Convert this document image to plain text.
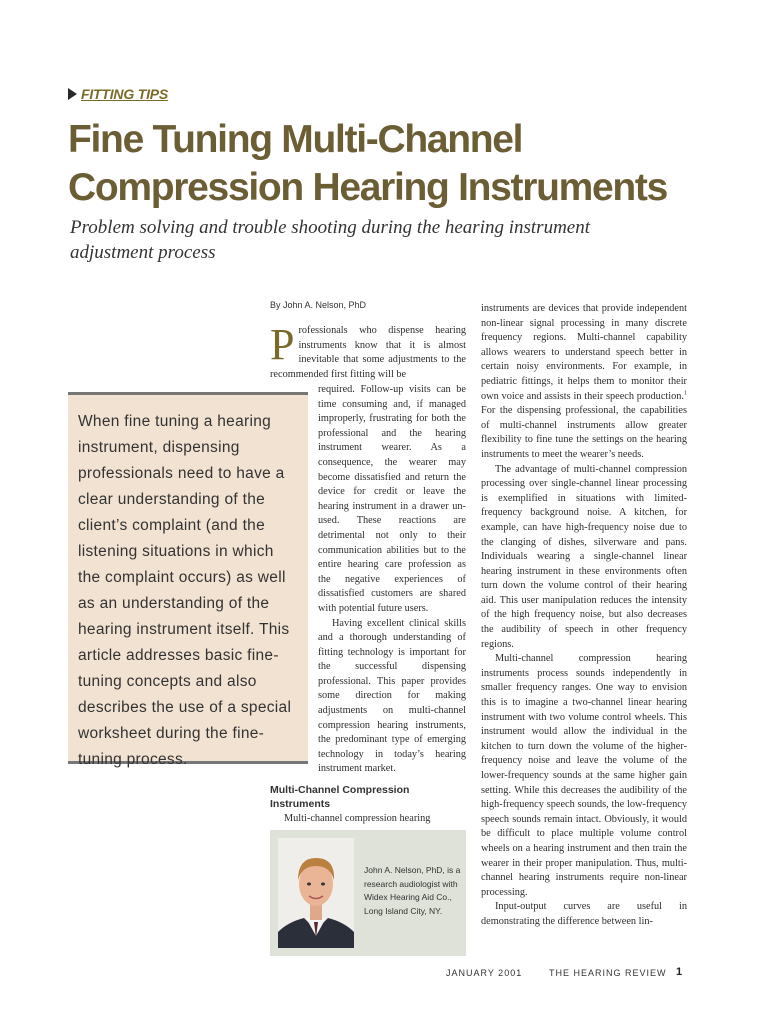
FITTING TIPS
Fine Tuning Multi-Channel Compression Hearing Instruments

Problem solving and trouble shooting during the hearing instrument adjustment process

By John A. Nelson, PhD

When fine tuning a hearing instrument, dispensing professionals need to have a clear understanding of the client’s complaint (and the listening situations in which the complaint occurs) as well as an understanding of the hearing instrument itself. This article addresses basic fine-tuning concepts and also describes the use of a special worksheet during the fine-tuning process.

P rofessionals who dispense hearing instruments know that it is almost inevitable that some adjustments to the recommended first fitting will be

required. Follow-up visits can be time consuming and, if managed improperly, frustrating for both the professional and the hearing instrument wearer. As a consequence, the wearer may become dissatisfied and return the device for credit or leave the hearing instrument in a drawer un-used. These reactions are detrimental not only to their communication abilities but to the entire hearing care profession as the negative experiences of dissatisfied customers are shared with potential future users.

Having excellent clinical skills and a thorough understanding of fitting technology is important for the successful dispensing professional. This paper provides some direction for making adjustments on multi-channel compression hearing instruments, the predominant type of emerging technology in today’s hearing instrument market.

Multi-Channel Compression Instruments

Multi-channel compression hearing

John A. Nelson, PhD, is a research audiologist with Widex Hearing Aid Co., Long Island City, NY.

instruments are devices that provide independent non-linear signal processing in many discrete frequency regions. Multi-channel capability allows wearers to understand speech better in certain noisy environments. For example, in pediatric fittings, it helps them to monitor their own voice and assists in their speech production.$^1$ For the dispensing professional, the capabilities of multi-channel instruments allow greater flexibility to fine tune the settings on the hearing instruments to meet the wearer’s needs.

The advantage of multi-channel compression processing over single-channel linear processing is exemplified in situations with limited-frequency background noise. A kitchen, for example, can have high-frequency noise due to the clanging of dishes, silverware and pans. Individuals wearing a single-channel linear hearing instrument in these environments often turn down the volume control of their hearing aid. This user manipulation reduces the intensity of the high frequency noise, but also decreases the audibility of speech in other frequency regions.

Multi-channel compression hearing instruments process sounds independently in smaller frequency ranges. One way to envision this is to imagine a two-channel linear hearing instrument with two volume control wheels. This instrument would allow the individual in the kitchen to turn down the volume of the higher-frequency noise and leave the volume of the lower-frequency sounds at the same higher gain setting. While this decreases the audibility of the high-frequency speech sounds, the low-frequency speech sounds remain intact. Obviously, it would be difficult to place multiple volume control wheels on a hearing instrument and then train the wearer in their proper manipulation. Thus, multi-channel hearing instruments require non-linear processing.

Input-output curves are useful in demonstrating the difference between lin-

JANUARY 2001	THE HEARING REVIEW 1
